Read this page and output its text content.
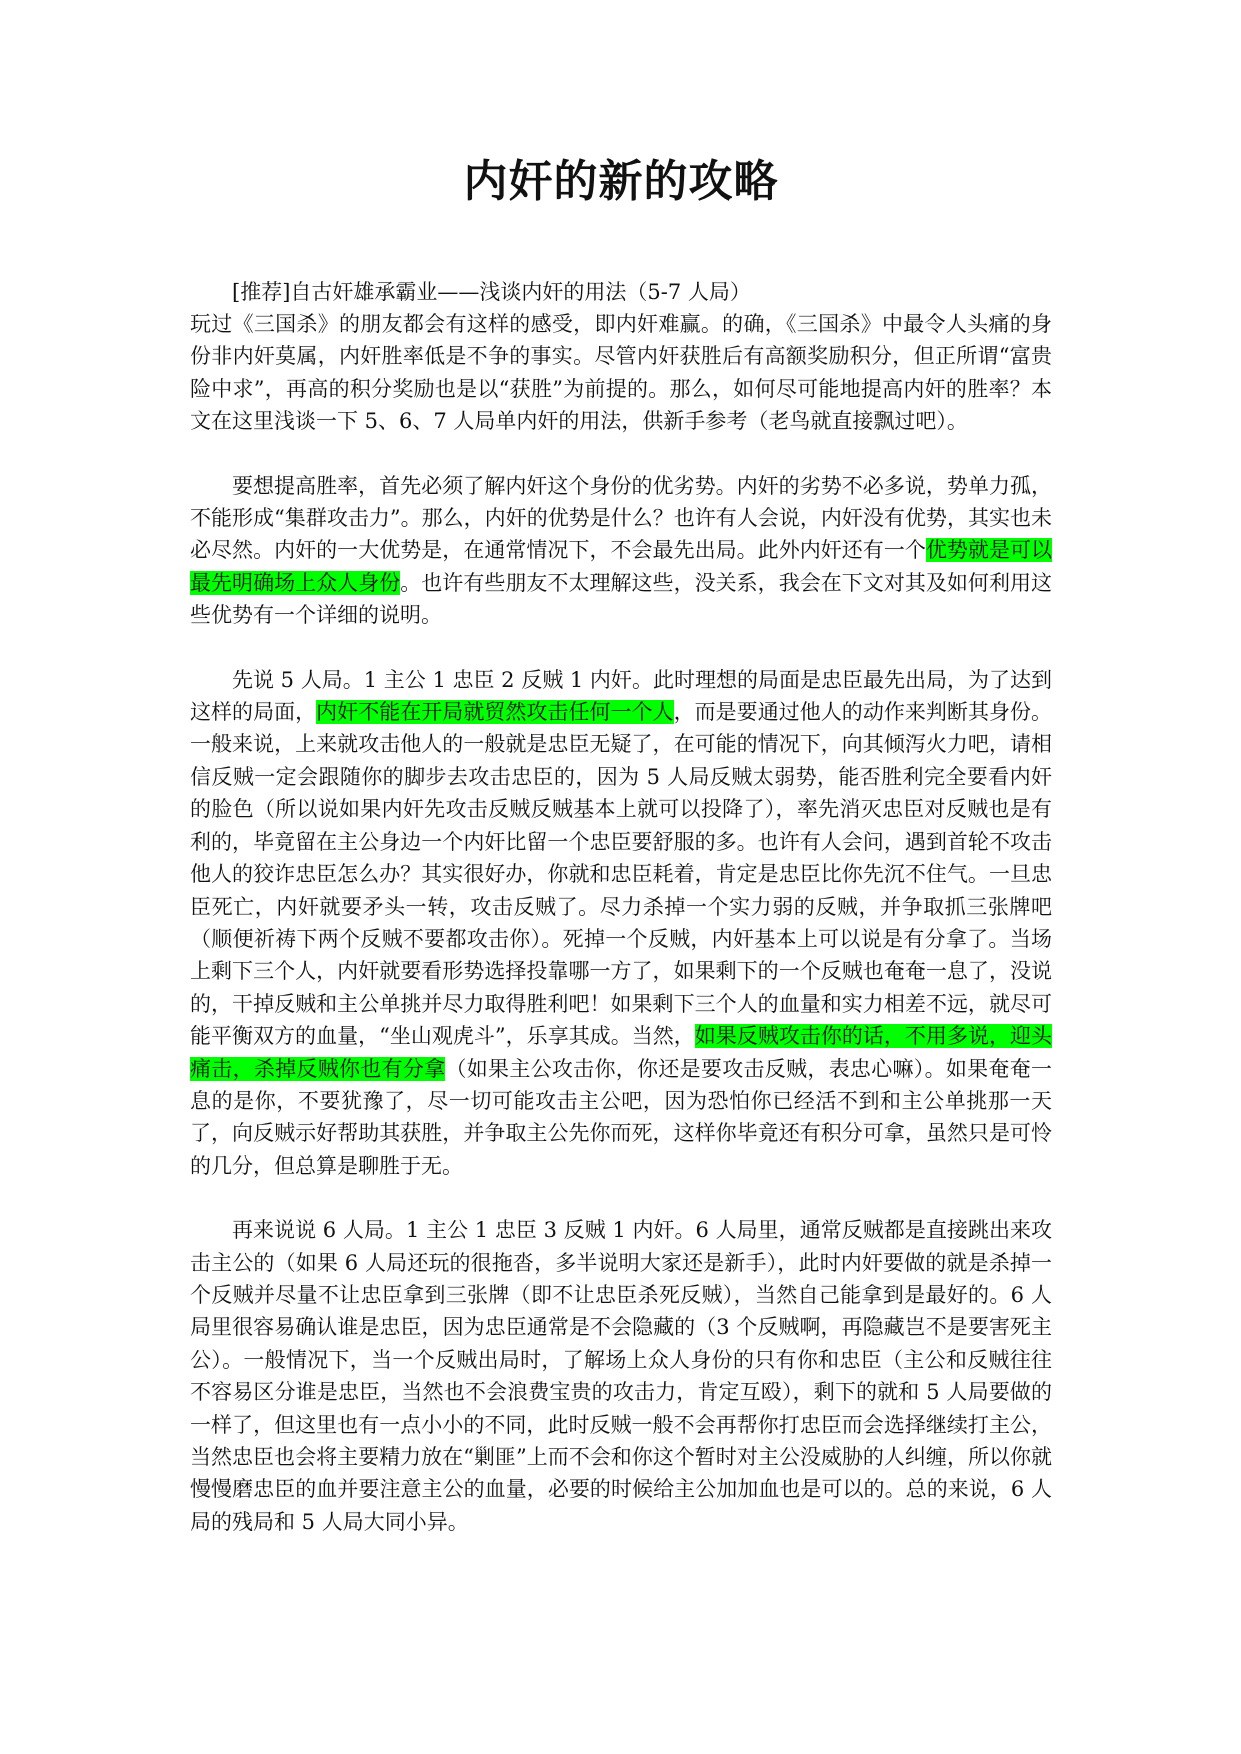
内奸的新的攻略

[推荐]自古奸雄承霸业——浅谈内奸的用法（5-7 人局）

玩过《三国杀》的朋友都会有这样的感受，即内奸难赢。的确，《三国杀》中最令人头痛的身份非内奸莫属，内奸胜率低是不争的事实。尽管内奸获胜后有高额奖励积分，但正所谓“富贵险中求”，再高的积分奖励也是以“获胜”为前提的。那么，如何尽可能地提高内奸的胜率？本文在这里浅谈一下 5、6、7 人局单内奸的用法，供新手参考（老鸟就直接飘过吧）。

要想提高胜率，首先必须了解内奸这个身份的优劣势。内奸的劣势不必多说，势单力孤，不能形成“集群攻击力”。那么，内奸的优势是什么？也许有人会说，内奸没有优势，其实也未必尽然。内奸的一大优势是，在通常情况下，不会最先出局。此外内奸还有一个优势就是可以最先明确场上众人身份。也许有些朋友不太理解这些，没关系，我会在下文对其及如何利用这些优势有一个详细的说明。

先说 5 人局。1 主公 1 忠臣 2 反贼 1 内奸。此时理想的局面是忠臣最先出局，为了达到这样的局面，内奸不能在开局就贸然攻击任何一个人，而是要通过他人的动作来判断其身份。一般来说，上来就攻击他人的一般就是忠臣无疑了，在可能的情况下，向其倾泻火力吧，请相信反贼一定会跟随你的脚步去攻击忠臣的，因为 5 人局反贼太弱势，能否胜利完全要看内奸的脸色（所以说如果内奸先攻击反贼反贼基本上就可以投降了），率先消灭忠臣对反贼也是有利的，毕竟留在主公身边一个内奸比留一个忠臣要舒服的多。也许有人会问，遇到首轮不攻击他人的狡诈忠臣怎么办？其实很好办，你就和忠臣耗着，肯定是忠臣比你先沉不住气。一旦忠臣死亡，内奸就要矛头一转，攻击反贼了。尽力杀掉一个实力弱的反贼，并争取抓三张牌吧（顺便祈祷下两个反贼不要都攻击你）。死掉一个反贼，内奸基本上可以说是有分拿了。当场上剩下三个人，内奸就要看形势选择投靠哪一方了，如果剩下的一个反贼也奄奄一息了，没说的，干掉反贼和主公单挑并尽力取得胜利吧！如果剩下三个人的血量和实力相差不远，就尽可能平衡双方的血量，“坐山观虎斗”，乐享其成。当然，如果反贼攻击你的话，不用多说，迎头痛击，杀掉反贼你也有分拿（如果主公攻击你，你还是要攻击反贼，表忠心嘛）。如果奄奄一息的是你，不要犹豫了，尽一切可能攻击主公吧，因为恐怕你已经活不到和主公单挑那一天了，向反贼示好帮助其获胜，并争取主公先你而死，这样你毕竟还有积分可拿，虽然只是可怜的几分，但总算是聊胜于无。

再来说说 6 人局。1 主公 1 忠臣 3 反贼 1 内奸。6 人局里，通常反贼都是直接跳出来攻击主公的（如果 6 人局还玩的很拖沓，多半说明大家还是新手），此时内奸要做的就是杀掉一个反贼并尽量不让忠臣拿到三张牌（即不让忠臣杀死反贼），当然自己能拿到是最好的。6 人局里很容易确认谁是忠臣，因为忠臣通常是不会隐藏的（3 个反贼啊，再隐藏岂不是要害死主公）。一般情况下，当一个反贼出局时，了解场上众人身份的只有你和忠臣（主公和反贼往往不容易区分谁是忠臣，当然也不会浪费宝贵的攻击力，肯定互殴），剩下的就和 5 人局要做的一样了，但这里也有一点小小的不同，此时反贼一般不会再帮你打忠臣而会选择继续打主公，当然忠臣也会将主要精力放在“剿匪”上而不会和你这个暂时对主公没威胁的人纠缠，所以你就慢慢磨忠臣的血并要注意主公的血量，必要的时候给主公加加血也是可以的。总的来说，6 人局的残局和 5 人局大同小异。
